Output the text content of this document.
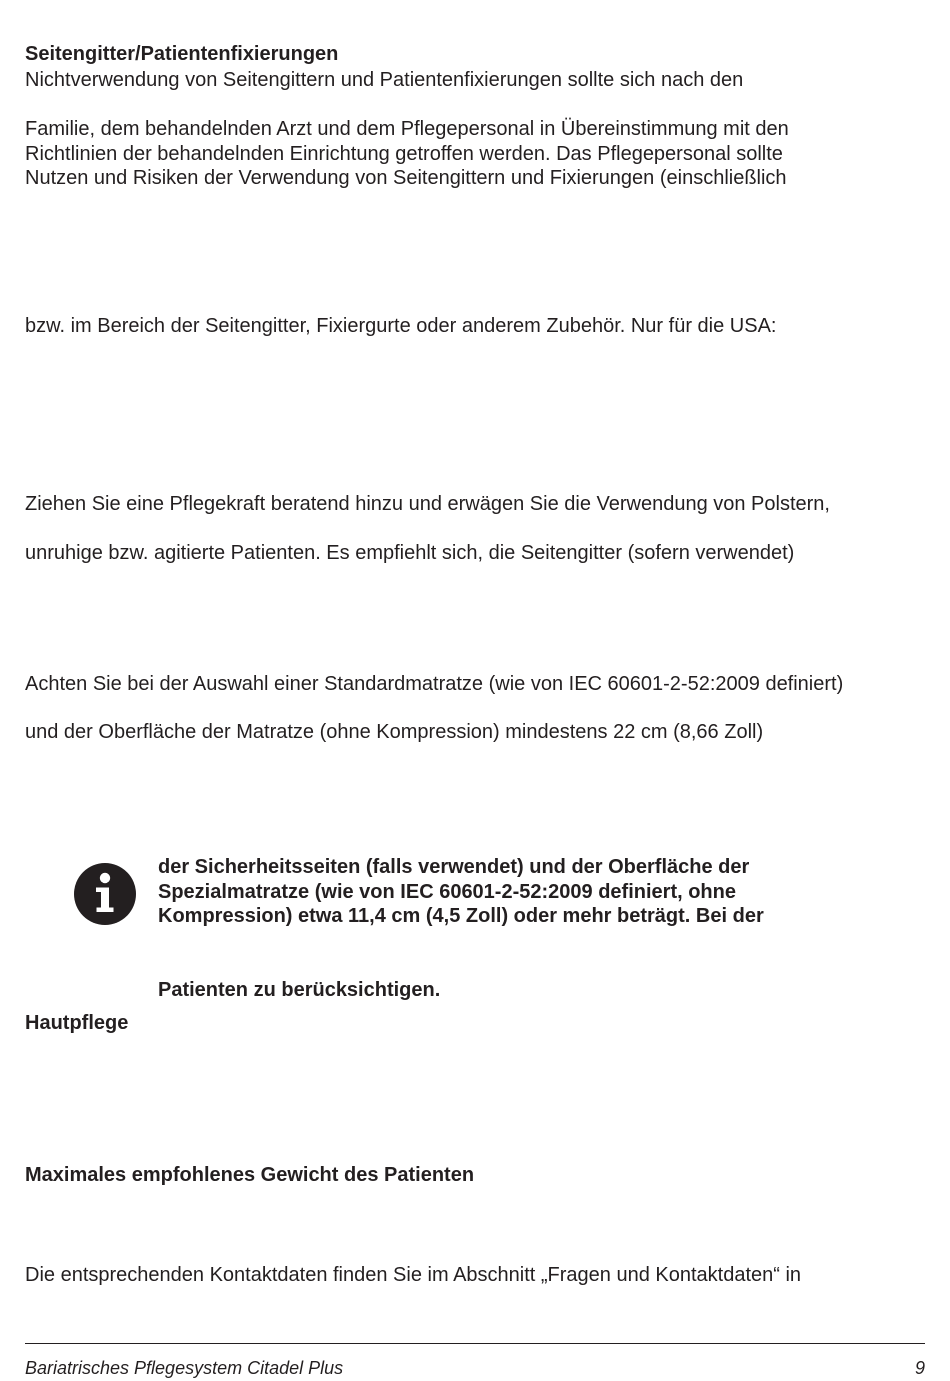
Seitengitter/Patientenfixierungen
Nichtverwendung von Seitengittern und Patientenfixierungen sollte sich nach den
Familie, dem behandelnden Arzt und dem Pflegepersonal in Übereinstimmung mit den
Richtlinien der behandelnden Einrichtung getroffen werden. Das Pflegepersonal sollte
Nutzen und Risiken der Verwendung von Seitengittern und Fixierungen (einschließlich
bzw. im Bereich der Seitengitter, Fixiergurte oder anderem Zubehör. Nur für die USA:
Ziehen Sie eine Pflegekraft beratend hinzu und erwägen Sie die Verwendung von Polstern,
unruhige bzw. agitierte Patienten. Es empfiehlt sich, die Seitengitter (sofern verwendet)
Achten Sie bei der Auswahl einer Standardmatratze (wie von IEC 60601-2-52:2009 definiert)
und der Oberfläche der Matratze (ohne Kompression) mindestens 22 cm (8,66 Zoll)
der Sicherheitsseiten (falls verwendet) und der Oberfläche der
Spezialmatratze (wie von IEC 60601-2-52:2009 definiert, ohne
Kompression) etwa 11,4 cm (4,5 Zoll) oder mehr beträgt. Bei der
Patienten zu berücksichtigen.
Hautpflege
Maximales empfohlenes Gewicht des Patienten
Die entsprechenden Kontaktdaten finden Sie im Abschnitt „Fragen und Kontaktdaten“ in
Bariatrisches Pflegesystem Citadel Plus	9
